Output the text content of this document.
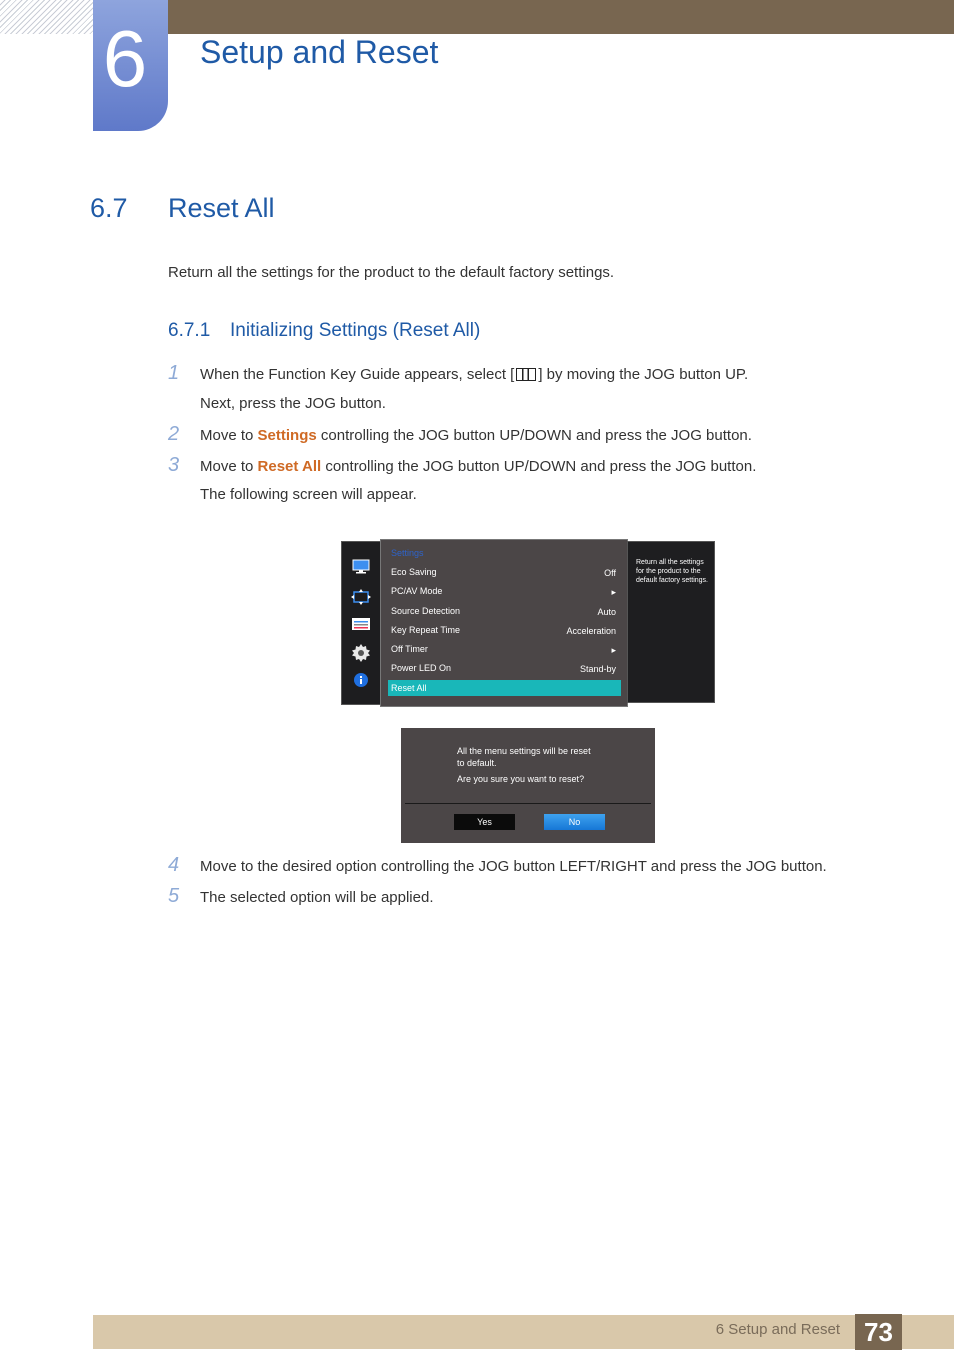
6	Setup and Reset
6.7 Reset All
Return all the settings for the product to the default factory settings.
6.7.1 Initializing Settings (Reset All)
1 When the Function Key Guide appears, select [ ] by moving the JOG button UP.
Next, press the JOG button.
2 Move to Settings controlling the JOG button UP/DOWN and press the JOG button.
3 Move to Reset All controlling the JOG button UP/DOWN and press the JOG button.
The following screen will appear.
Settings
Eco Saving	Off
PC/AV Mode	▸
Source Detection	Auto
Key Repeat Time	Acceleration
Off Timer	▸
Power LED On	Stand-by
Reset All
Return all the settings
for the product to the
default factory settings.
All the menu settings will be reset
to default.
Are you sure you want to reset?
Yes	No
4 Move to the desired option controlling the JOG button LEFT/RIGHT and press the JOG button.
5 The selected option will be applied.
6 Setup and Reset 73
